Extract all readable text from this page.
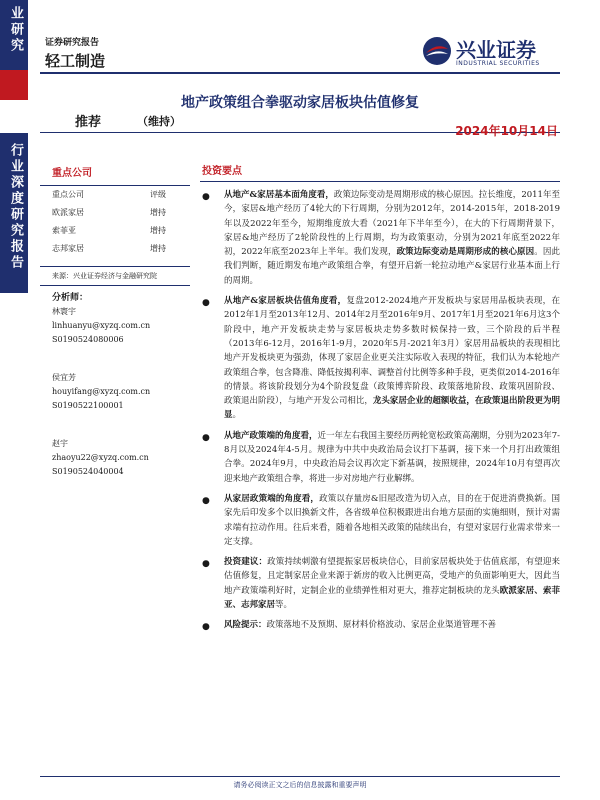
业研究
行业深度研究报告
证券研究报告
轻工制造	兴业证券
INDUSTRIAL SECURITIES
地产政策组合拳驱动家居板块估值修复
推荐	（维持）
2024年10月14日
重点公司
重点公司	评级
欧派家居	增持
索菲亚	增持
志邦家居	增持
来源：兴业证券经济与金融研究院
分析师：
林寰宇
linhuanyu@xyzq.com.cn
S0190524080006
侯宜芳
houyifang@xyzq.com.cn
S0190522100001
赵宇
zhaoyu22@xyzq.com.cn
S0190524040004
投资要点
● 从地产&家居基本面角度看，政策边际变动是周期形成的核心原因。拉长维度，2011年至今，家居&地产经历了4轮大的下行周期，分别为2012年，2014-2015年，2018-2019年以及2022年至今，短期维度放大看（2021年下半年至今），在大的下行周期背景下，家居&地产经历了2轮阶段性的上行周期，均为政策驱动，分别为2021年底至2022年初，2022年底至2023年上半年。我们发现，政策边际变动是周期形成的核心原因。因此我们判断，随近期发布地产政策组合拳，有望开启新一轮拉动地产&家居行业基本面上行的周期。
● 从地产&家居板块估值角度看，复盘2012-2024地产开发板块与家居用品板块表现，在2012年1月至2013年12月、2014年2月至2016年9月、2017年1月至2021年6月这3个阶段中，地产开发板块走势与家居板块走势多数时候保持一致，三个阶段的后半程（2013年6-12月，2016年1-9月，2020年5月-2021年3月）家居用品板块的表现相比地产开发板块更为强劲，体现了家居企业更关注实际收入表现的特征，我们认为本轮地产政策组合拳，包含降准、降低按揭利率、调整首付比例等多种手段，更类似2014-2016年的情景。将该阶段划分为4个阶段复盘（政策博弈阶段、政策落地阶段、政策巩固阶段、政策退出阶段），与地产开发公司相比，龙头家居企业的超额收益，在政策退出阶段更为明显。
● 从地产政策端的角度看，近一年左右我国主要经历两轮宽松政策高潮期，分别为2023年7-8月以及2024年4-5月。规律为中共中央政治局会议打下基调，接下来一个月打出政策组合拳。2024年9月，中央政治局会议再次定下新基调，按照规律，2024年10月有望再次迎来地产政策组合拳，将进一步对房地产行业解绑。
● 从家居政策端的角度看，政策以存量房&旧屋改造为切入点，目的在于促进消费换新。国家先后印发多个以旧换新文件，各省级单位积极跟进出台地方层面的实施细则，预计对需求端有拉动作用。往后来看，随着各地相关政策的陆续出台，有望对家居行业需求带来一定支撑。
● 投资建议：政策持续刺激有望提振家居板块信心，目前家居板块处于估值底部，有望迎来估值修复，且定制家居企业来源于新房的收入比例更高，受地产的负面影响更大，因此当地产政策端利好时，定制企业的业绩弹性相对更大，推荐定制板块的龙头欧派家居、索菲亚、志邦家居等。
● 风险提示：政策落地不及预期、原材料价格波动、家居企业渠道管理不善
请务必阅读正文之后的信息披露和重要声明
